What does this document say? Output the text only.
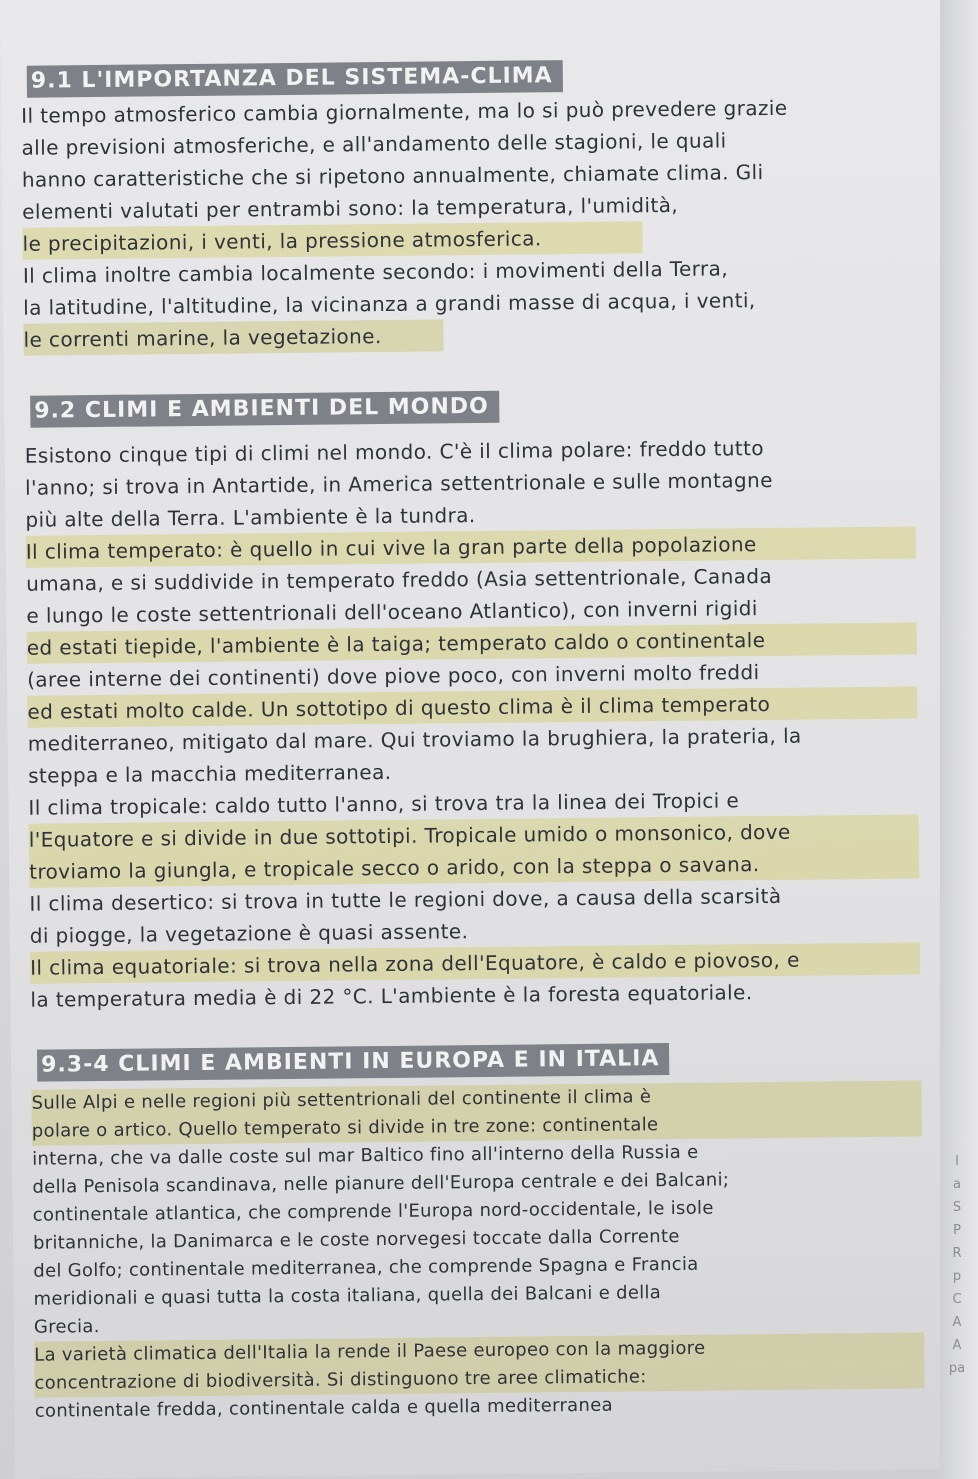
9.1 L'IMPORTANZA DEL SISTEMA-CLIMA
Il tempo atmosferico cambia giornalmente, ma lo si può prevedere grazie
alle previsioni atmosferiche, e all'andamento delle stagioni, le quali
hanno caratteristiche che si ripetono annualmente, chiamate clima. Gli
elementi valutati per entrambi sono: la temperatura, l'umidità,
le precipitazioni, i venti, la pressione atmosferica.
Il clima inoltre cambia localmente secondo: i movimenti della Terra,
la latitudine, l'altitudine, la vicinanza a grandi masse di acqua, i venti,
le correnti marine, la vegetazione.
9.2 CLIMI E AMBIENTI DEL MONDO
Esistono cinque tipi di climi nel mondo. C'è il clima polare: freddo tutto
l'anno; si trova in Antartide, in America settentrionale e sulle montagne
più alte della Terra. L'ambiente è la tundra.
Il clima temperato: è quello in cui vive la gran parte della popolazione
umana, e si suddivide in temperato freddo (Asia settentrionale, Canada
e lungo le coste settentrionali dell'oceano Atlantico), con inverni rigidi
ed estati tiepide, l'ambiente è la taiga; temperato caldo o continentale
(aree interne dei continenti) dove piove poco, con inverni molto freddi
ed estati molto calde. Un sottotipo di questo clima è il clima temperato
mediterraneo, mitigato dal mare. Qui troviamo la brughiera, la prateria, la
steppa e la macchia mediterranea.
Il clima tropicale: caldo tutto l'anno, si trova tra la linea dei Tropici e
l'Equatore e si divide in due sottotipi. Tropicale umido o monsonico, dove
troviamo la giungla, e tropicale secco o arido, con la steppa o savana.
Il clima desertico: si trova in tutte le regioni dove, a causa della scarsità
di piogge, la vegetazione è quasi assente.
Il clima equatoriale: si trova nella zona dell'Equatore, è caldo e piovoso, e
la temperatura media è di 22 °C. L'ambiente è la foresta equatoriale.
9.3-4 CLIMI E AMBIENTI IN EUROPA E IN ITALIA
Sulle Alpi e nelle regioni più settentrionali del continente il clima è
polare o artico. Quello temperato si divide in tre zone: continentale
interna, che va dalle coste sul mar Baltico fino all'interno della Russia e
della Penisola scandinava, nelle pianure dell'Europa centrale e dei Balcani;
continentale atlantica, che comprende l'Europa nord-occidentale, le isole
britanniche, la Danimarca e le coste norvegesi toccate dalla Corrente
del Golfo; continentale mediterranea, che comprende Spagna e Francia
meridionali e quasi tutta la costa italiana, quella dei Balcani e della
Grecia.
La varietà climatica dell'Italia la rende il Paese europeo con la maggiore
concentrazione di biodiversità. Si distinguono tre aree climatiche:
continentale fredda, continentale calda e quella mediterranea
I
a
S
P
R
p
C
A
A
pa
